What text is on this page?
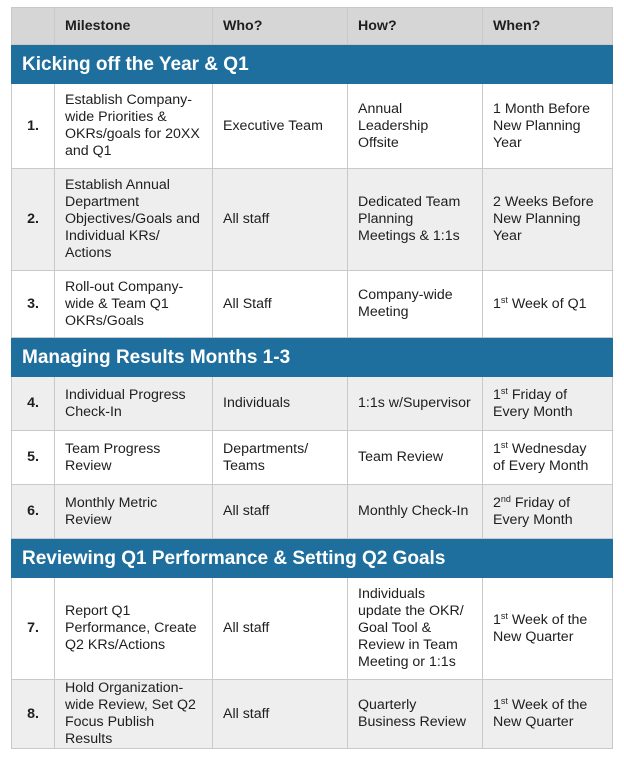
	Milestone	Who?	How?	When?
Kicking off the Year & Q1				
1.	Establish Company-wide Priorities & OKRs/goals for 20XX and Q1	Executive Team	Annual Leadership Offsite	1 Month Before New Planning Year
2.	Establish Annual Department Objectives/Goals and Individual KRs/ Actions	All staff	Dedicated Team Planning Meetings & 1:1s	2 Weeks Before New Planning Year
3.	Roll-out Company-wide & Team Q1 OKRs/Goals	All Staff	Company-wide Meeting	1st Week of Q1
Managing Results Months 1-3				
4.	Individual Progress Check-In	Individuals	1:1s w/Supervisor	1st Friday of Every Month
5.	Team Progress Review	Departments/ Teams	Team Review	1st Wednesday of Every Month
6.	Monthly Metric Review	All staff	Monthly Check-In	2nd Friday of Every Month
Reviewing Q1 Performance & Setting Q2 Goals				
7.	Report Q1 Performance, Create Q2 KRs/Actions	All staff	Individuals update the OKR/ Goal Tool & Review in Team Meeting or 1:1s	1st Week of the New Quarter
8.	Hold Organization-wide Review, Set Q2 Focus Publish Results	All staff	Quarterly Business Review	1st Week of the New Quarter
